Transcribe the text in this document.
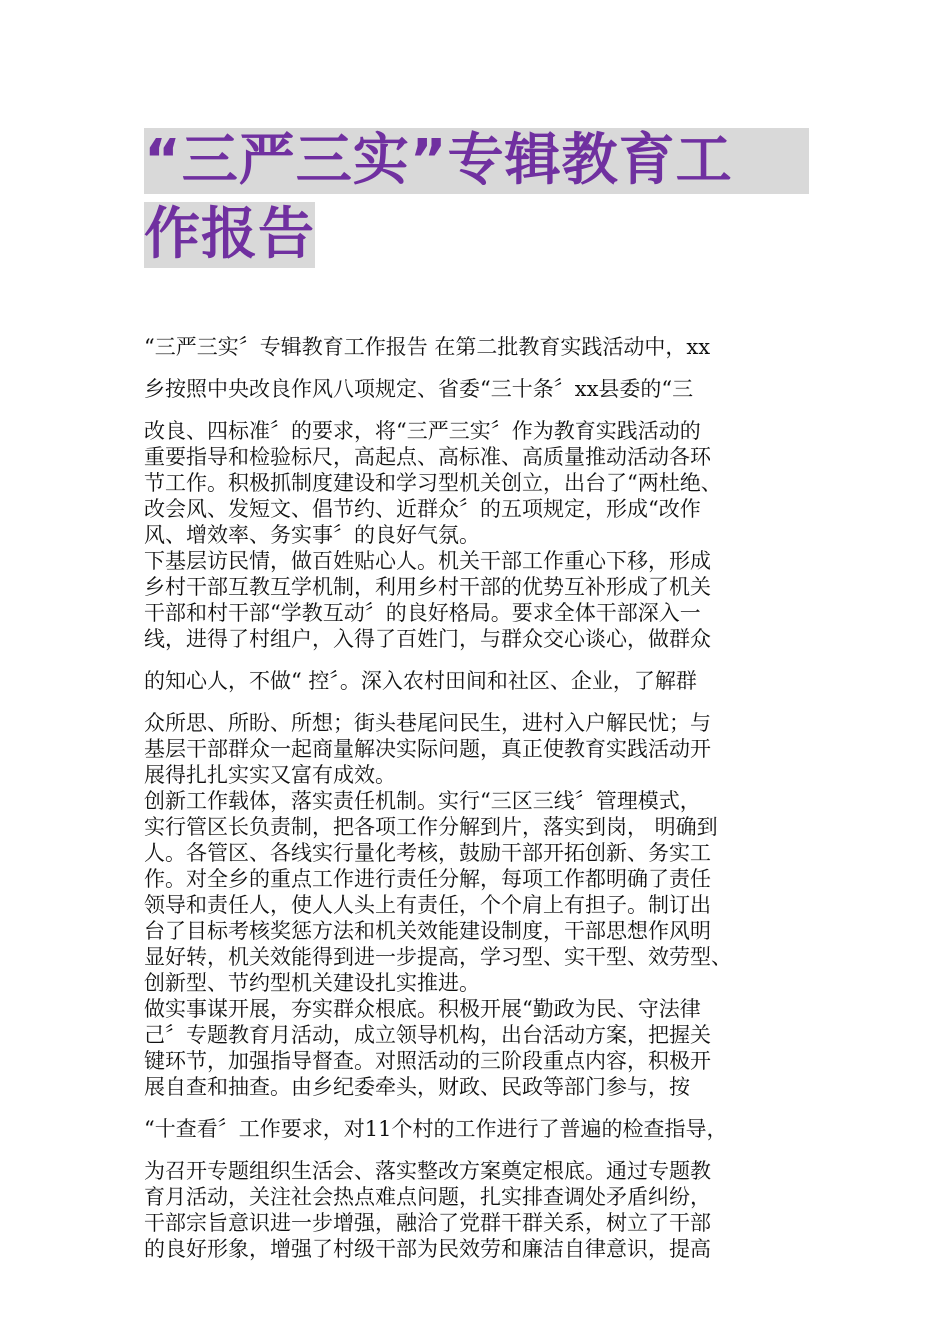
“三严三实”专辑教育工
作报告
“三严三实〞专辑教育工作报告 在第二批教育实践活动中，xx
乡按照中央改良作风八项规定、省委“三十条〞xx县委的“三
改良、四标准〞的要求，将“三严三实〞作为教育实践活动的
重要指导和检验标尺，高起点、高标准、高质量推动活动各环
节工作。积极抓制度建设和学习型机关创立，出台了“两杜绝、
改会风、发短文、倡节约、近群众〞的五项规定，形成“改作
风、增效率、务实事〞的良好气氛。
下基层访民情，做百姓贴心人。机关干部工作重心下移，形成
乡村干部互教互学机制，利用乡村干部的优势互补形成了机关
干部和村干部“学教互动〞的良好格局。要求全体干部深入一
线，进得了村组户，入得了百姓门，与群众交心谈心，做群众
的知心人，不做“ 控〞。深入农村田间和社区、企业，了解群
众所思、所盼、所想；街头巷尾问民生，进村入户解民忧；与
基层干部群众一起商量解决实际问题，真正使教育实践活动开
展得扎扎实实又富有成效。
创新工作载体，落实责任机制。实行“三区三线〞管理模式，
实行管区长负责制，把各项工作分解到片，落实到岗， 明确到
人。各管区、各线实行量化考核，鼓励干部开拓创新、务实工
作。对全乡的重点工作进行责任分解，每项工作都明确了责任
领导和责任人，使人人头上有责任，个个肩上有担子。制订出
台了目标考核奖惩方法和机关效能建设制度，干部思想作风明
显好转，机关效能得到进一步提高，学习型、实干型、效劳型、
创新型、节约型机关建设扎实推进。
做实事谋开展，夯实群众根底。积极开展“勤政为民、守法律
己〞专题教育月活动，成立领导机构，出台活动方案，把握关
键环节，加强指导督查。对照活动的三阶段重点内容，积极开
展自查和抽查。由乡纪委牵头，财政、民政等部门参与，按
“十查看〞工作要求，对11个村的工作进行了普遍的检查指导，
为召开专题组织生活会、落实整改方案奠定根底。通过专题教
育月活动，关注社会热点难点问题，扎实排查调处矛盾纠纷，
干部宗旨意识进一步增强，融洽了党群干群关系，树立了干部
的良好形象，增强了村级干部为民效劳和廉洁自律意识，提高
